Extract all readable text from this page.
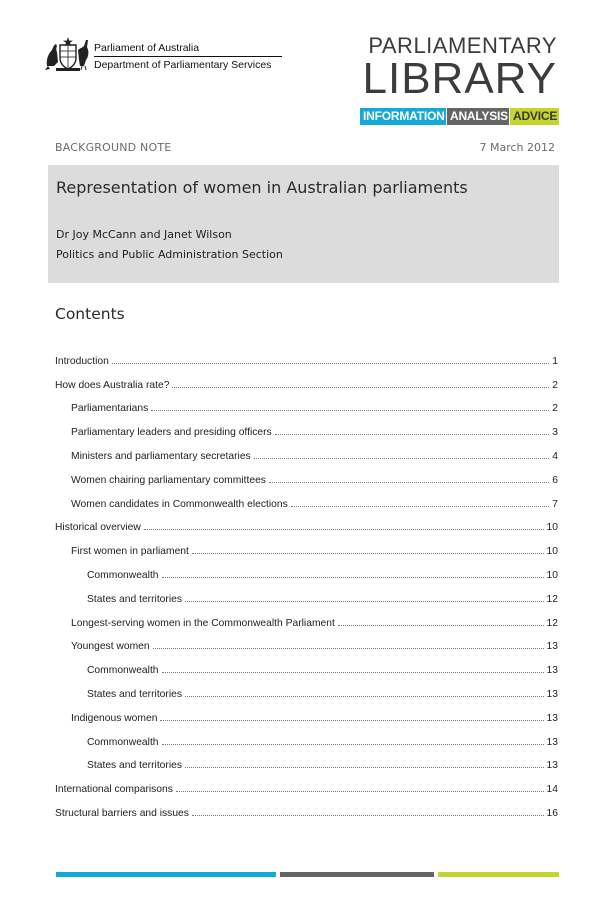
Parliament of Australia
Department of Parliamentary Services
PARLIAMENTARY
LIBRARY
INFORMATION ANALYSIS ADVICE
BACKGROUND NOTE	7 March 2012
Representation of women in Australian parliaments
Dr Joy McCann and Janet Wilson
Politics and Public Administration Section
Contents
Introduction	1
How does Australia rate?	2
Parliamentarians	2
Parliamentary leaders and presiding officers	3
Ministers and parliamentary secretaries	4
Women chairing parliamentary committees	6
Women candidates in Commonwealth elections	7
Historical overview	10
First women in parliament	10
Commonwealth	10
States and territories	12
Longest-serving women in the Commonwealth Parliament	12
Youngest women	13
Commonwealth	13
States and territories	13
Indigenous women	13
Commonwealth	13
States and territories	13
International comparisons	14
Structural barriers and issues	16
